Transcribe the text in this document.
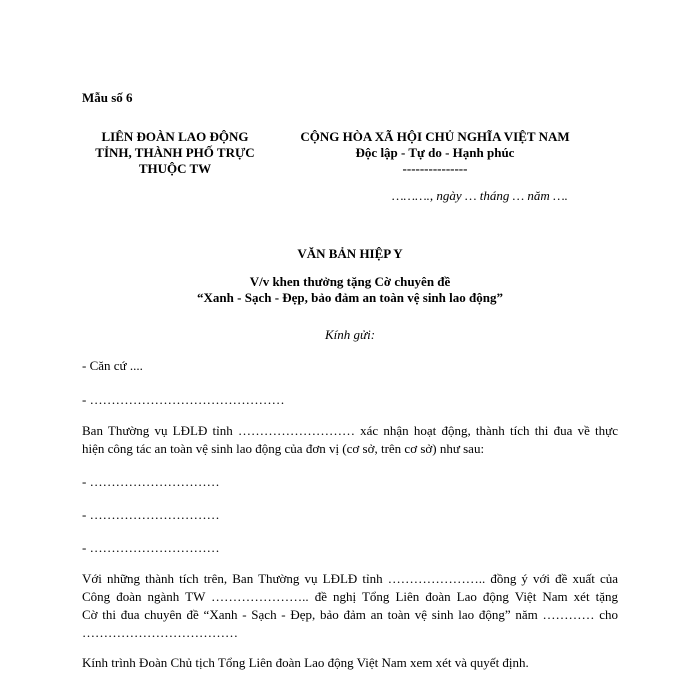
Mẫu số 6
LIÊN ĐOÀN LAO ĐỘNG
TỈNH, THÀNH PHỐ TRỰC
THUỘC TW
CỘNG HÒA XÃ HỘI CHỦ NGHĨA VIỆT NAM
Độc lập - Tự do - Hạnh phúc
---------------
………., ngày … tháng … năm ….
VĂN BẢN HIỆP Y
V/v khen thưởng tặng Cờ chuyên đề
“Xanh - Sạch - Đẹp, bảo đảm an toàn vệ sinh lao động”
Kính gửi:
- Căn cứ ....
- ………………………………………
Ban Thường vụ LĐLĐ tỉnh ……………………… xác nhận hoạt động, thành tích thi đua về thực
hiện công tác an toàn vệ sinh lao động của đơn vị (cơ sở, trên cơ sở) như sau:
- …………………………
- …………………………
- …………………………
Với những thành tích trên, Ban Thường vụ LĐLĐ tỉnh ………………….. đồng ý với đề xuất của
Công đoàn ngành TW ………………….. đề nghị Tổng Liên đoàn Lao động Việt Nam xét tặng
Cờ thi đua chuyên đề “Xanh - Sạch - Đẹp, bảo đảm an toàn vệ sinh lao động” năm ………… cho
………………………………
Kính trình Đoàn Chủ tịch Tổng Liên đoàn Lao động Việt Nam xem xét và quyết định.
